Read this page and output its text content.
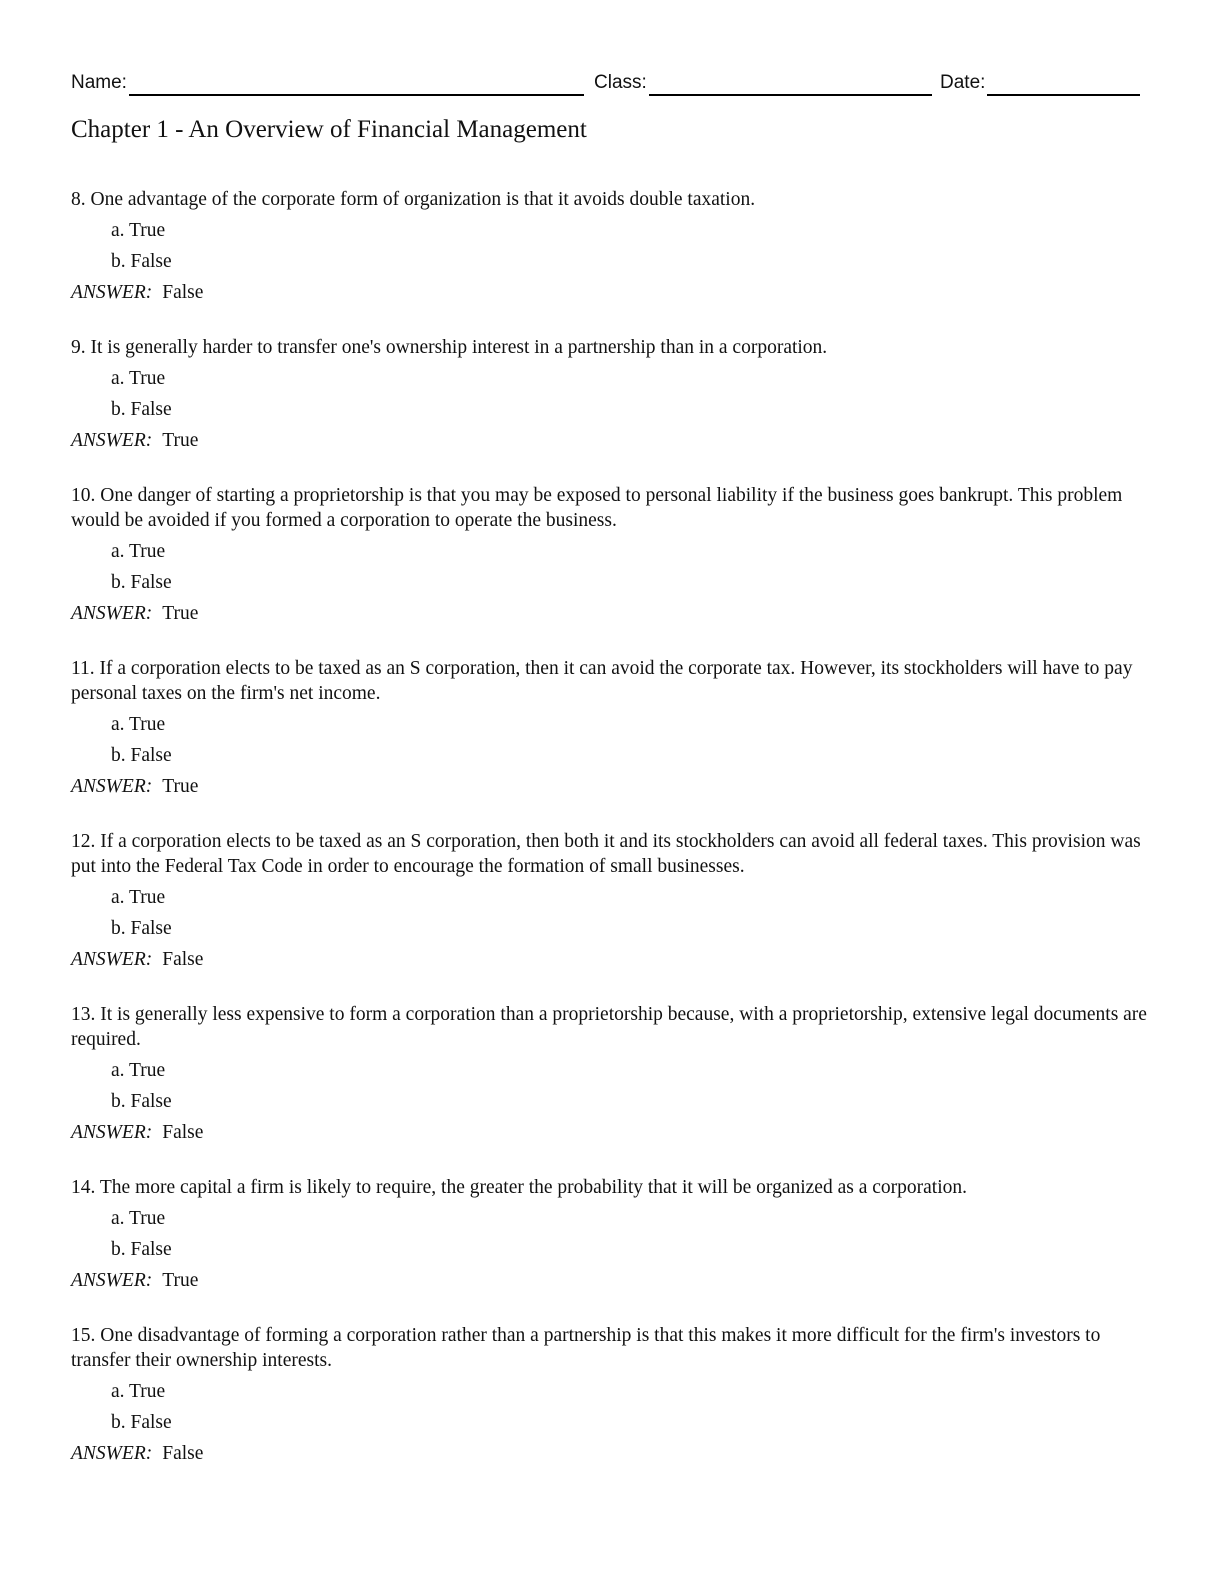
Name:	Class:	Date:
Chapter 1 - An Overview of Financial Management

8. One advantage of the corporate form of organization is that it avoids double taxation.

a. True
b. False
ANSWER: False

9. It is generally harder to transfer one's ownership interest in a partnership than in a corporation.

a. True
b. False
ANSWER: True

10. One danger of starting a proprietorship is that you may be exposed to personal liability if the business goes bankrupt. This problem would be avoided if you formed a corporation to operate the business.

a. True
b. False
ANSWER: True

11. If a corporation elects to be taxed as an S corporation, then it can avoid the corporate tax. However, its stockholders will have to pay personal taxes on the firm's net income.

a. True
b. False
ANSWER: True

12. If a corporation elects to be taxed as an S corporation, then both it and its stockholders can avoid all federal taxes. This provision was put into the Federal Tax Code in order to encourage the formation of small businesses.

a. True
b. False
ANSWER: False

13. It is generally less expensive to form a corporation than a proprietorship because, with a proprietorship, extensive legal documents are required.

a. True
b. False
ANSWER: False

14. The more capital a firm is likely to require, the greater the probability that it will be organized as a corporation.

a. True
b. False
ANSWER: True

15. One disadvantage of forming a corporation rather than a partnership is that this makes it more difficult for the firm's investors to transfer their ownership interests.

a. True
b. False
ANSWER: False
